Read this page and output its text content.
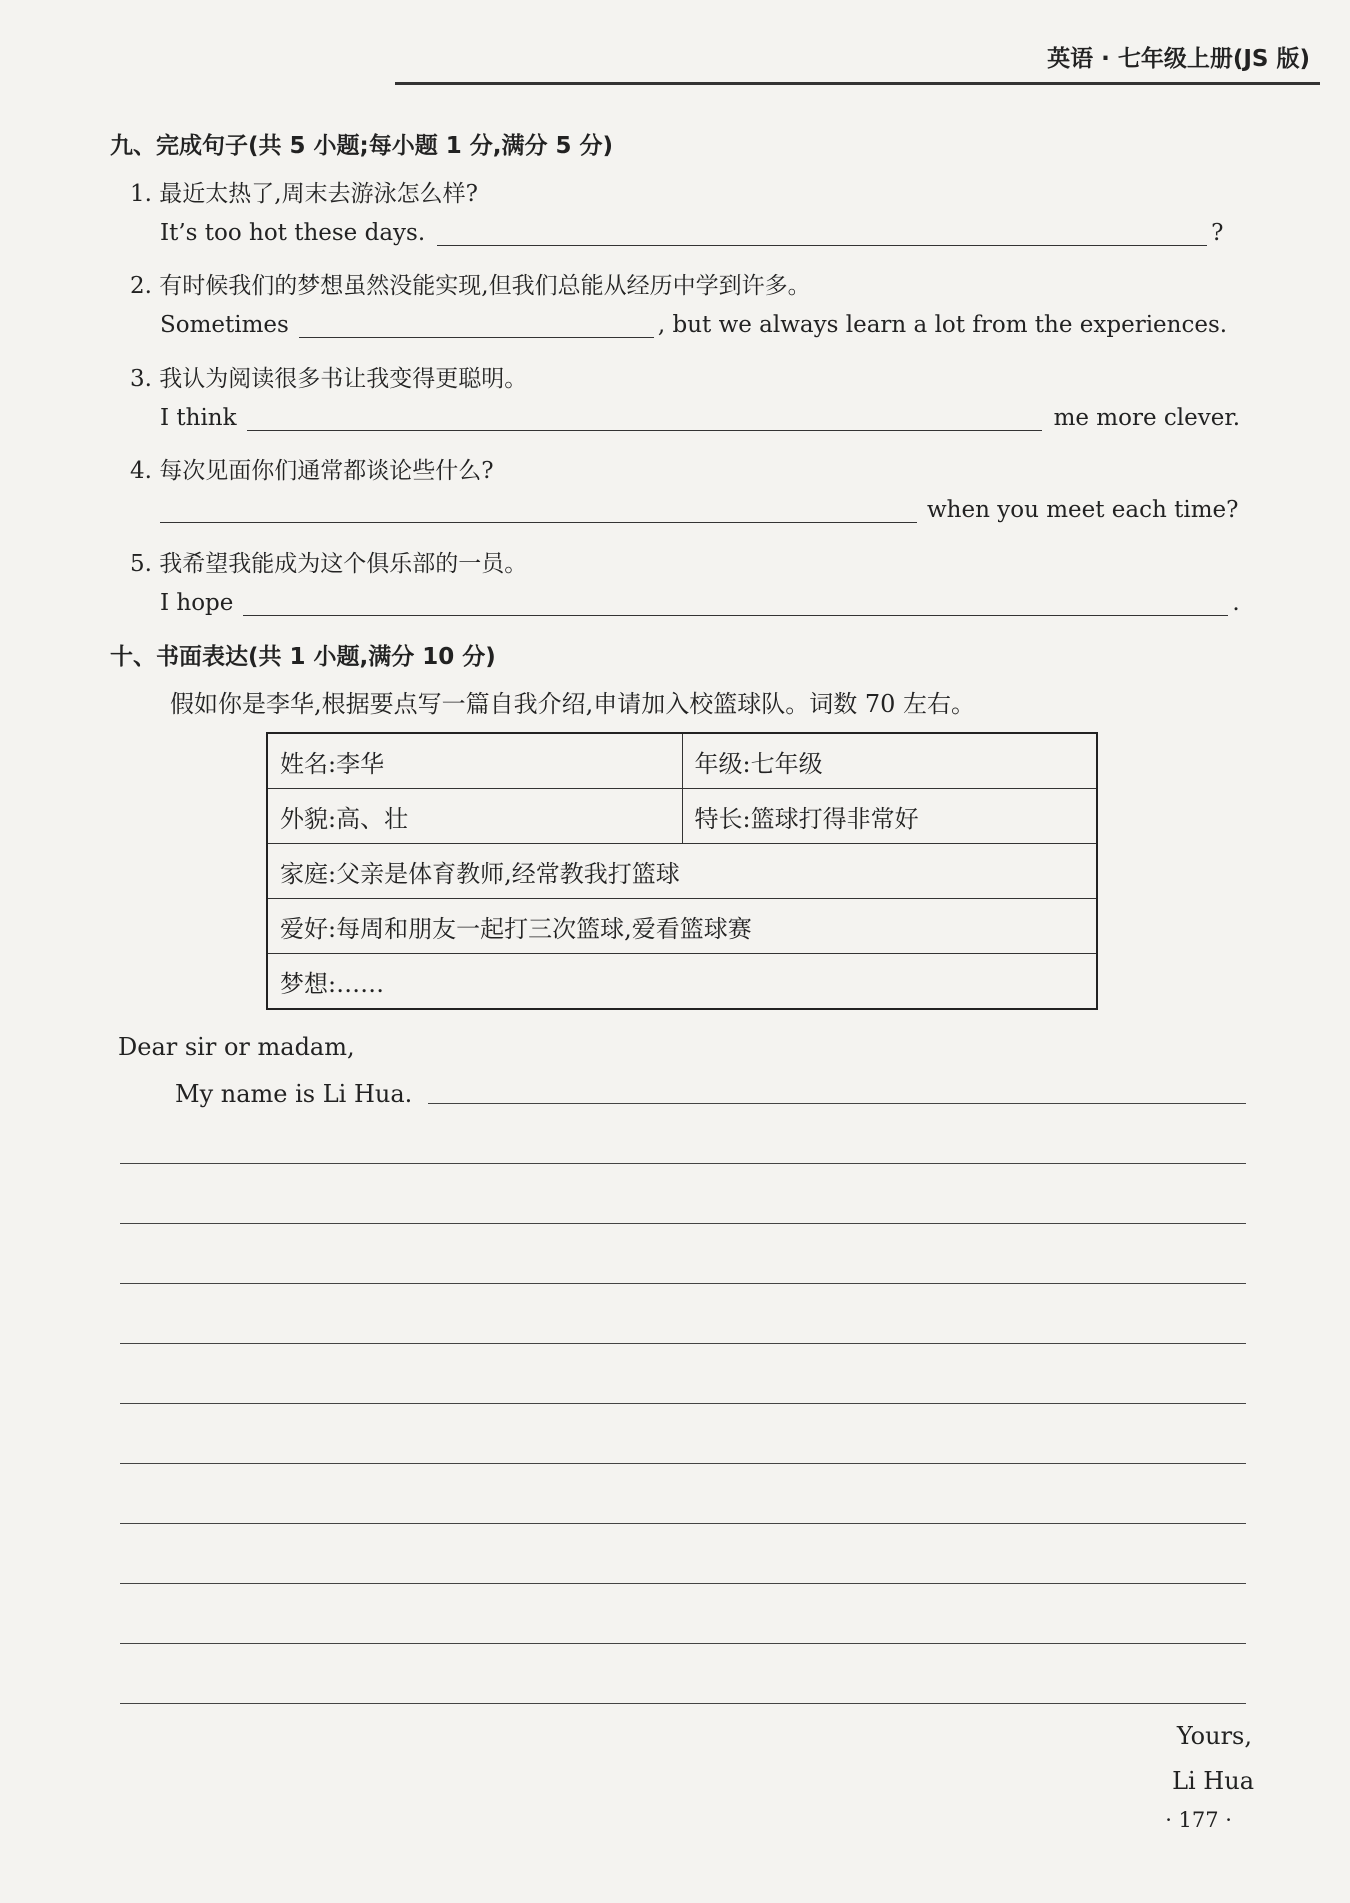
英语 · 七年级上册(JS 版)
九、完成句子(共 5 小题;每小题 1 分,满分 5 分)
1. 最近太热了,周末去游泳怎么样?
It’s too hot these days.	?
2. 有时候我们的梦想虽然没能实现,但我们总能从经历中学到许多。
Sometimes	, but we always learn a lot from the experiences.
3. 我认为阅读很多书让我变得更聪明。
I think	me more clever.
4. 每次见面你们通常都谈论些什么?
when you meet each time?
5. 我希望我能成为这个俱乐部的一员。
I hope	.
十、书面表达(共 1 小题,满分 10 分)
假如你是李华,根据要点写一篇自我介绍,申请加入校篮球队。词数 70 左右。
姓名:李华	年级:七年级
外貌:高、壮	特长:篮球打得非常好
家庭:父亲是体育教师,经常教我打篮球	
爱好:每周和朋友一起打三次篮球,爱看篮球赛	
梦想:……	
Dear sir or madam,
My name is Li Hua.
Yours,
Li Hua
· 177 ·
